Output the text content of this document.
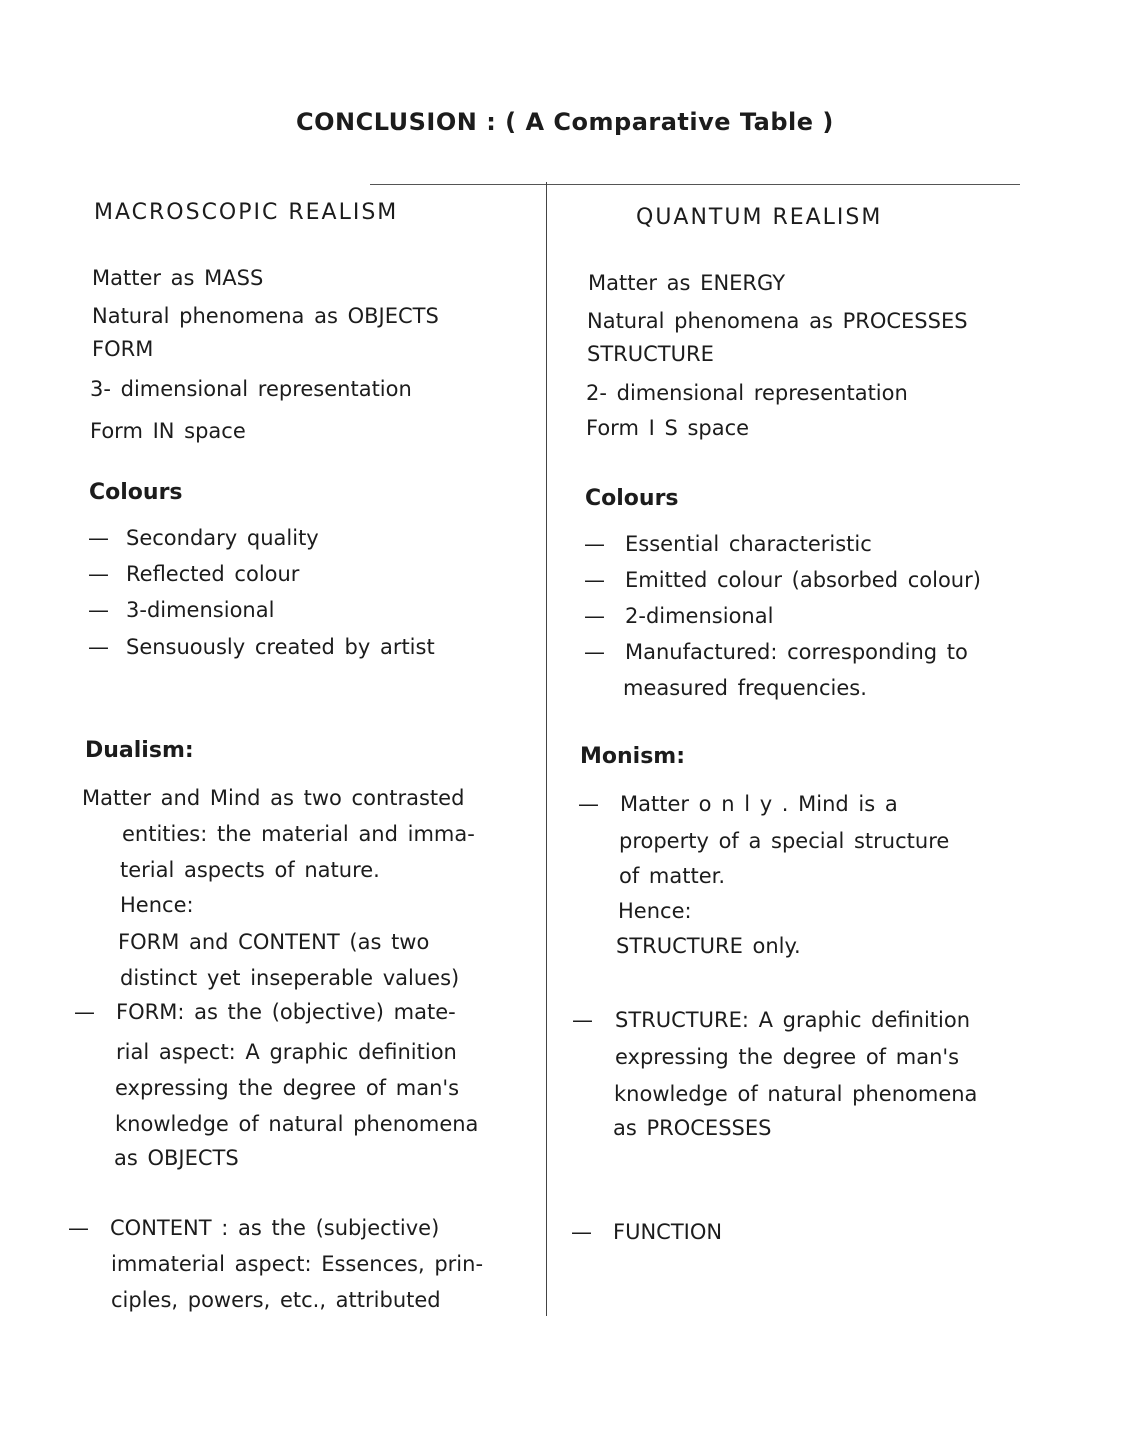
CONCLUSION : ( A Comparative Table )
MACROSCOPIC REALISM
Matter as MASS
Natural phenomena as OBJECTS
FORM
3- dimensional representation
Form IN space
Colours
— Secondary quality
— Reflected colour
— 3-dimensional
— Sensuously created by artist
Dualism:
Matter and Mind as two contrasted
entities: the material and imma-
terial aspects of nature.
Hence:
FORM and CONTENT (as two
distinct yet inseperable values)
— FORM: as the (objective) mate-
rial aspect: A graphic definition
expressing the degree of man's
knowledge of natural phenomena
as OBJECTS
— CONTENT : as the (subjective)
immaterial aspect: Essences, prin-
ciples, powers, etc., attributed
QUANTUM REALISM
Matter as ENERGY
Natural phenomena as PROCESSES
STRUCTURE
2- dimensional representation
Form I S space
Colours
— Essential characteristic
— Emitted colour (absorbed colour)
— 2-dimensional
— Manufactured: corresponding to
measured frequencies.
Monism:
— Matter o n l y . Mind is a
property of a special structure
of matter.
Hence:
STRUCTURE only.
— STRUCTURE: A graphic definition
expressing the degree of man's
knowledge of natural phenomena
as PROCESSES
— FUNCTION
